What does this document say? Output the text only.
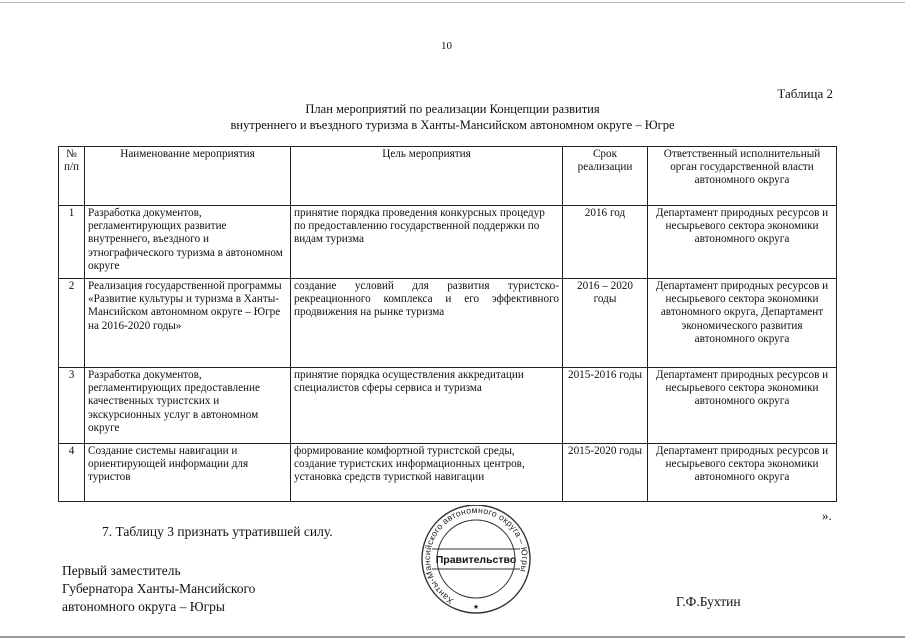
10
Таблица 2
План мероприятий по реализации Концепции развития
внутреннего и въездного туризма в Ханты-Мансийском автономном округе – Югре
№ п/п	Наименование мероприятия	Цель мероприятия	Срок реализации	Ответственный исполнительный орган государственной власти автономного округа
1	Разработка документов, регламентирующих развитие внутреннего, въездного и этнографического туризма в автономном округе	принятие порядка проведения конкурсных процедур по предоставлению государственной поддержки по видам туризма	2016 год	Департамент природных ресурсов и несырьевого сектора экономики автономного округа
2	Реализация государственной программы «Развитие культуры и туризма в Ханты-Мансийском автономном округе – Югре на 2016-2020 годы»	создание условий для развития туристско-рекреационного комплекса и его эффективного продвижения на рынке туризма	2016 – 2020 годы	Департамент природных ресурсов и несырьевого сектора экономики автономного округа, Департамент экономического развития автономного округа
3	Разработка документов, регламентирующих предоставление качественных туристских и экскурсионных услуг в автономном округе	принятие порядка осуществления аккредитации специалистов сферы сервиса и туризма	2015-2016 годы	Департамент природных ресурсов и несырьевого сектора экономики автономного округа
4	Создание системы навигации и ориентирующей информации для туристов	формирование комфортной туристской среды, создание туристских информационных центров, установка средств туристкой навигации	2015-2020 годы	Департамент природных ресурсов и несырьевого сектора экономики автономного округа
».
7. Таблицу 3 признать утратившей силу.
Первый заместитель
Губернатора Ханты-Мансийского
автономного округа – Югры	Г.Ф.Бухтин
Ханты-Мансийского автономного округа – Югры
Правительство
★
